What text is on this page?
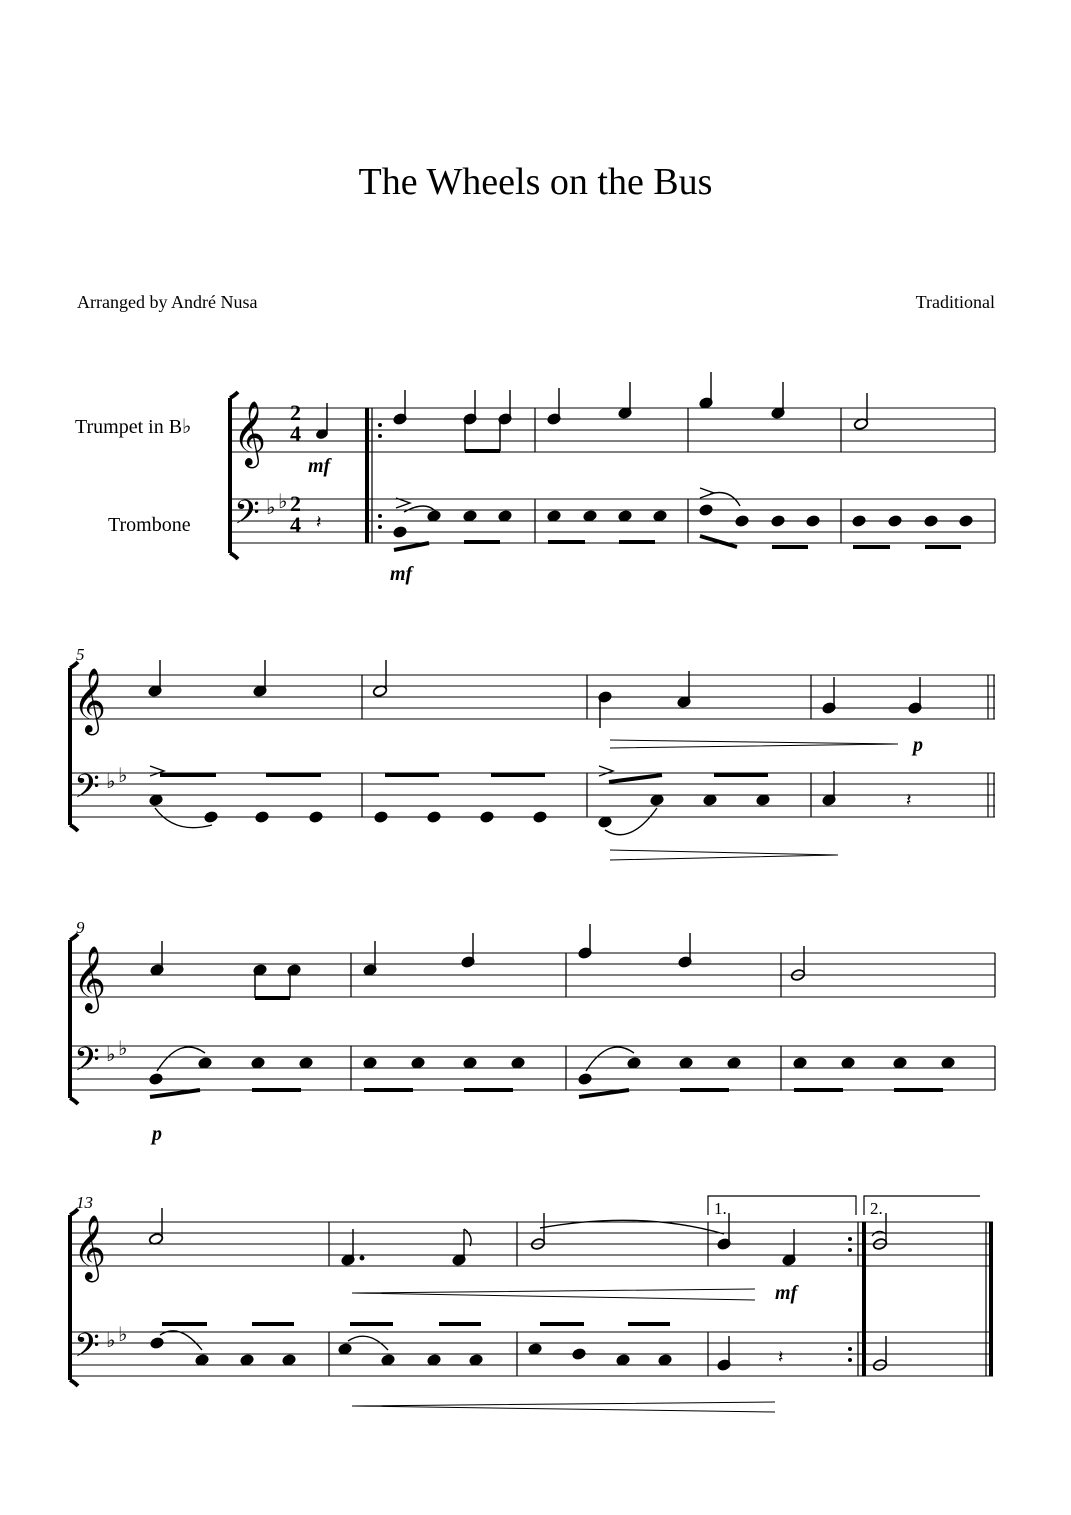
The Wheels on the Bus
Arranged by André Nusa	Traditional
Trumpet in B♭
Trombone
𝄞
𝄢 ♭ ♭
2
4
2
4
mf
𝄽
mf
5
𝄞
𝄢 ♭ ♭
p
𝄽
9
𝄞
𝄢 ♭ ♭
p
13
𝄞
𝄢 ♭ ♭
1.	2.
mf
𝄽
